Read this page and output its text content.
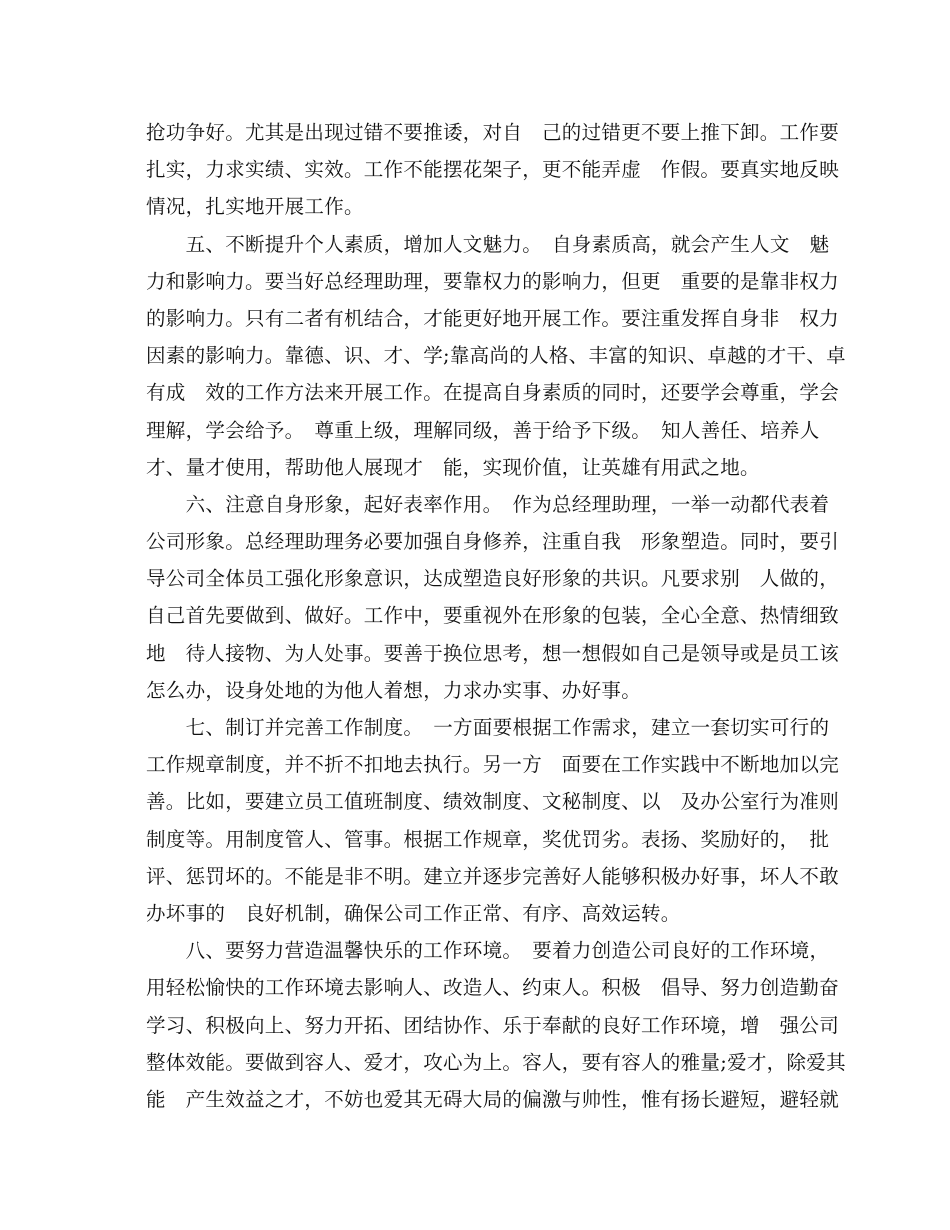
抢功争好。尤其是出现过错不要推诿，对自　己的过错更不要上推下卸。工作要
扎实，力求实绩、实效。工作不能摆花架子，更不能弄虚　作假。要真实地反映
情况，扎实地开展工作。
　　五、不断提升个人素质，增加人文魅力。　自身素质高，就会产生人文　魅
力和影响力。要当好总经理助理，要靠权力的影响力，但更　重要的是靠非权力
的影响力。只有二者有机结合，才能更好地开展工作。要注重发挥自身非　权力
因素的影响力。靠德、识、才、学;靠高尚的人格、丰富的知识、卓越的才干、卓
有成　效的工作方法来开展工作。在提高自身素质的同时，还要学会尊重，学会
理解，学会给予。　尊重上级，理解同级，善于给予下级。　知人善任、培养人
才、量才使用，帮助他人展现才　能，实现价值，让英雄有用武之地。
　　六、注意自身形象，起好表率作用。　作为总经理助理，一举一动都代表着
公司形象。总经理助理务必要加强自身修养，注重自我　形象塑造。同时，要引
导公司全体员工强化形象意识，达成塑造良好形象的共识。凡要求别　人做的，
自己首先要做到、做好。工作中，要重视外在形象的包装，全心全意、热情细致
地　待人接物、为人处事。要善于换位思考，想一想假如自己是领导或是员工该
怎么办，设身处地的为他人着想，力求办实事、办好事。
　　七、制订并完善工作制度。　一方面要根据工作需求，建立一套切实可行的
工作规章制度，并不折不扣地去执行。另一方　面要在工作实践中不断地加以完
善。比如，要建立员工值班制度、绩效制度、文秘制度、以　及办公室行为准则
制度等。用制度管人、管事。根据工作规章，奖优罚劣。表扬、奖励好的，　批
评、惩罚坏的。不能是非不明。建立并逐步完善好人能够积极办好事，坏人不敢
办坏事的　良好机制，确保公司工作正常、有序、高效运转。
　　八、要努力营造温馨快乐的工作环境。　要着力创造公司良好的工作环境，
用轻松愉快的工作环境去影响人、改造人、约束人。积极　倡导、努力创造勤奋
学习、积极向上、努力开拓、团结协作、乐于奉献的良好工作环境，增　强公司
整体效能。要做到容人、爱才，攻心为上。容人，要有容人的雅量;爱才，除爱其
能　产生效益之才，不妨也爱其无碍大局的偏激与帅性，惟有扬长避短，避轻就
